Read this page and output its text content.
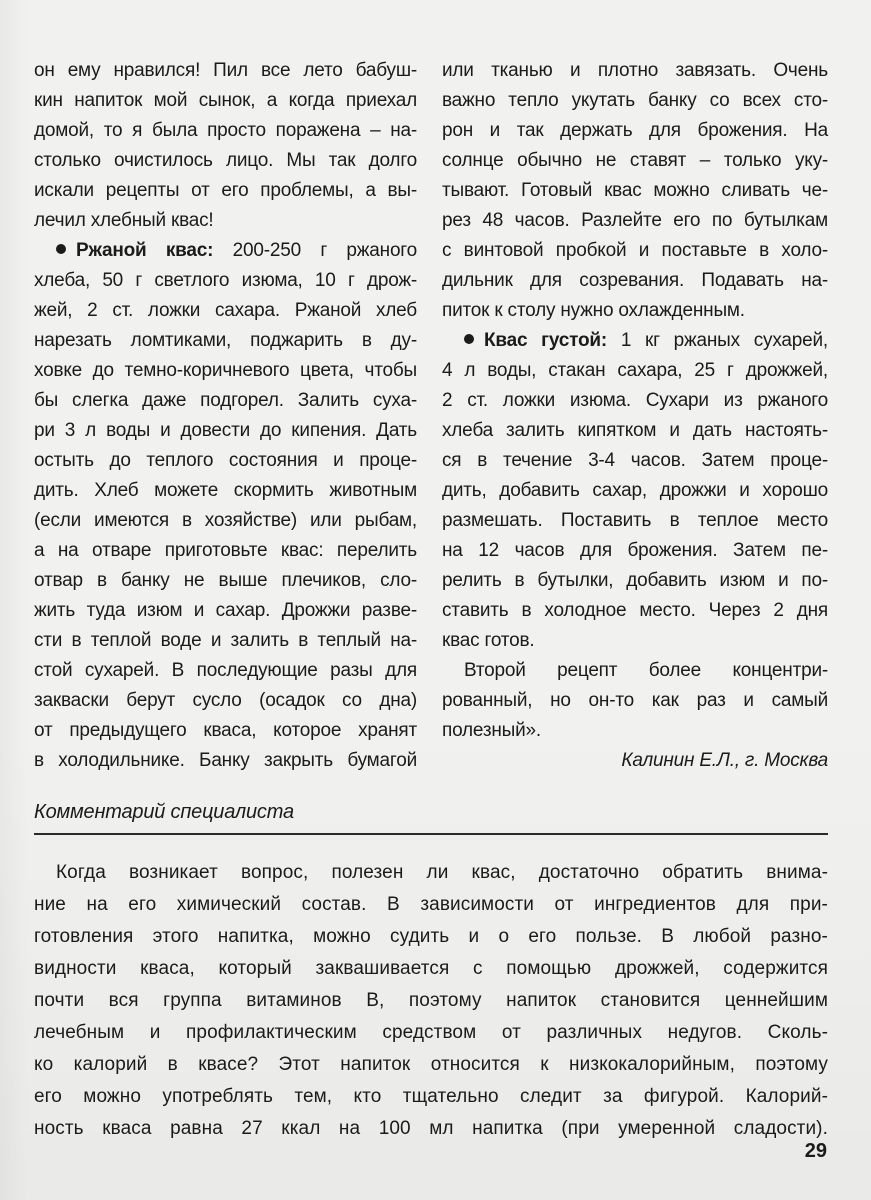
он ему нравился! Пил все лето бабуш-
кин напиток мой сынок, а когда приехал
домой, то я была просто поражена – на-
столько очистилось лицо. Мы так долго
искали рецепты от его проблемы, а вы-
лечил хлебный квас!
Ржаной квас: 200-250 г ржаного
хлеба, 50 г светлого изюма, 10 г дрож-
жей, 2 ст. ложки сахара. Ржаной хлеб
нарезать ломтиками, поджарить в ду-
ховке до темно-коричневого цвета, чтобы
бы слегка даже подгорел. Залить суха-
ри 3 л воды и довести до кипения. Дать
остыть до теплого состояния и проце-
дить. Хлеб можете скормить животным
(если имеются в хозяйстве) или рыбам,
а на отваре приготовьте квас: перелить
отвар в банку не выше плечиков, сло-
жить туда изюм и сахар. Дрожжи разве-
сти в теплой воде и залить в теплый на-
стой сухарей. В последующие разы для
закваски берут сусло (осадок со дна)
от предыдущего кваса, которое хранят
в холодильнике. Банку закрыть бумагой
или тканью и плотно завязать. Очень
важно тепло укутать банку со всех сто-
рон и так держать для брожения. На
солнце обычно не ставят – только уку-
тывают. Готовый квас можно сливать че-
рез 48 часов. Разлейте его по бутылкам
с винтовой пробкой и поставьте в холо-
дильник для созревания. Подавать на-
питок к столу нужно охлажденным.
Квас густой: 1 кг ржаных сухарей,
4 л воды, стакан сахара, 25 г дрожжей,
2 ст. ложки изюма. Сухари из ржаного
хлеба залить кипятком и дать настоять-
ся в течение 3-4 часов. Затем проце-
дить, добавить сахар, дрожжи и хорошо
размешать. Поставить в теплое место
на 12 часов для брожения. Затем пе-
релить в бутылки, добавить изюм и по-
ставить в холодное место. Через 2 дня
квас готов.
Второй рецепт более концентри-
рованный, но он-то как раз и самый
полезный».
Калинин Е.Л., г. Москва
Комментарий специалиста
Когда возникает вопрос, полезен ли квас, достаточно обратить внима-
ние на его химический состав. В зависимости от ингредиентов для при-
готовления этого напитка, можно судить и о его пользе. В любой разно-
видности кваса, который заквашивается с помощью дрожжей, содержится
почти вся группа витаминов В, поэтому напиток становится ценнейшим
лечебным и профилактическим средством от различных недугов. Сколь-
ко калорий в квасе? Этот напиток относится к низкокалорийным, поэтому
его можно употреблять тем, кто тщательно следит за фигурой. Калорий-
ность кваса равна 27 ккал на 100 мл напитка (при умеренной сладости).
29
